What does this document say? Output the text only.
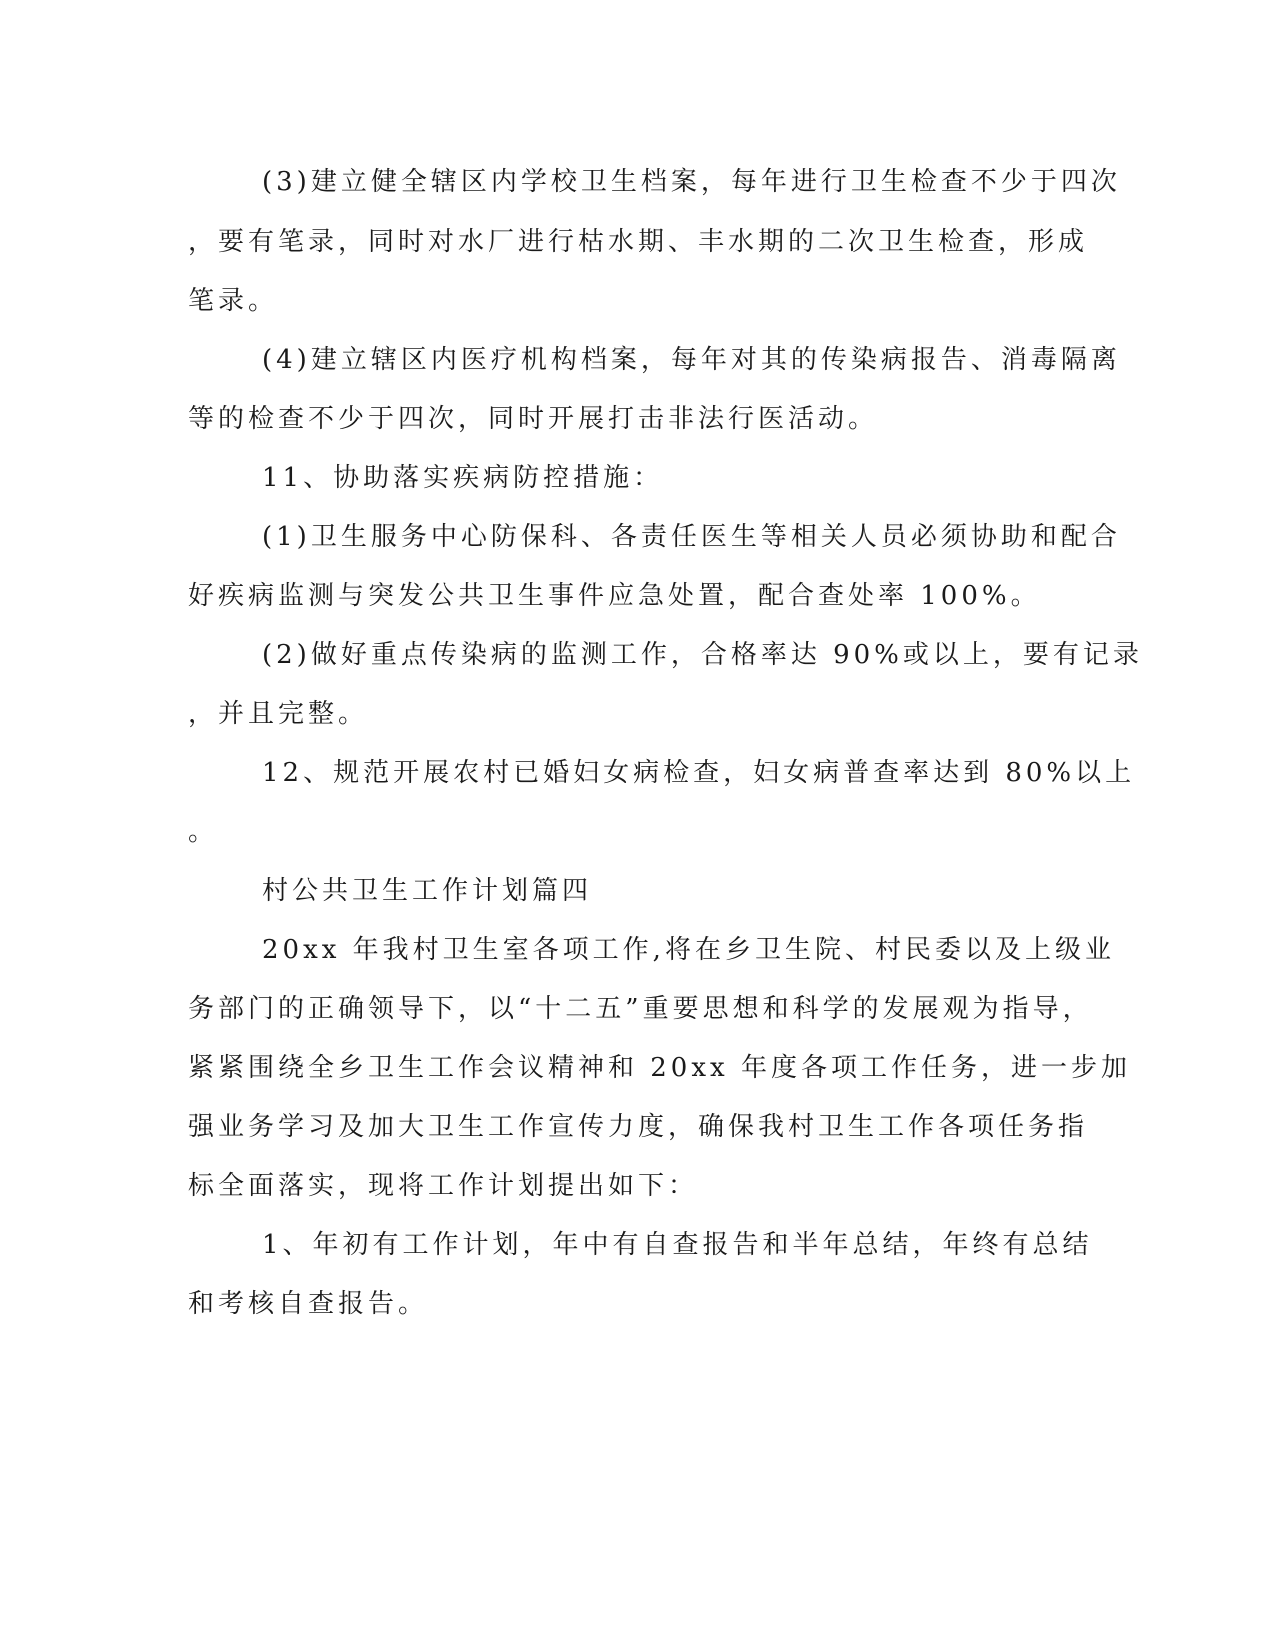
(3)建立健全辖区内学校卫生档案，每年进行卫生检查不少于四次
，要有笔录，同时对水厂进行枯水期、丰水期的二次卫生检查，形成
笔录。
(4)建立辖区内医疗机构档案，每年对其的传染病报告、消毒隔离
等的检查不少于四次，同时开展打击非法行医活动。
11、协助落实疾病防控措施：
(1)卫生服务中心防保科、各责任医生等相关人员必须协助和配合
好疾病监测与突发公共卫生事件应急处置，配合查处率 100%。
(2)做好重点传染病的监测工作，合格率达 90%或以上，要有记录
，并且完整。
12、规范开展农村已婚妇女病检查，妇女病普查率达到 80%以上
。
村公共卫生工作计划篇四
20xx 年我村卫生室各项工作,将在乡卫生院、村民委以及上级业
务部门的正确领导下，以“十二五”重要思想和科学的发展观为指导，
紧紧围绕全乡卫生工作会议精神和 20xx 年度各项工作任务，进一步加
强业务学习及加大卫生工作宣传力度，确保我村卫生工作各项任务指
标全面落实，现将工作计划提出如下：
1、年初有工作计划，年中有自查报告和半年总结，年终有总结
和考核自查报告。
